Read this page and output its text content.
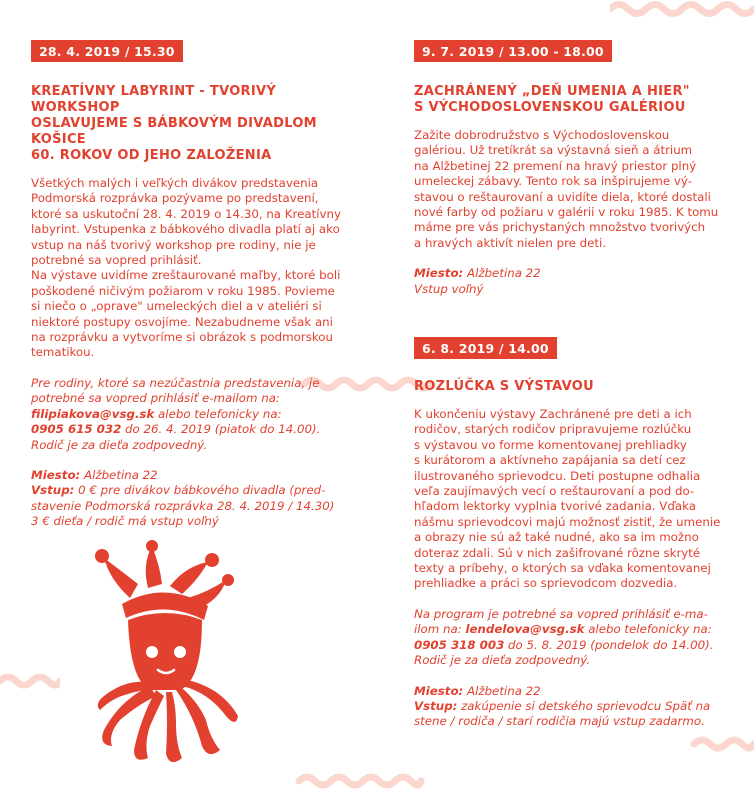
28. 4. 2019 / 15.30
KREATÍVNY LABYRINT - TVORIVÝ WORKSHOP
OSLAVUJEME S BÁBKOVÝM DIVADLOM KOŠICE
60. ROKOV OD JEHO ZALOŽENIA
Všetkých malých i veľkých divákov predstavenia
Podmorská rozprávka pozývame po predstavení,
ktoré sa uskutoční 28. 4. 2019 o 14.30, na Kreatívny
labyrint. Vstupenka z bábkového divadla platí aj ako
vstup na náš tvorivý workshop pre rodiny, nie je
potrebné sa vopred prihlásiť.
Na výstave uvidíme zreštaurované maľby, ktoré boli
poškodené ničivým požiarom v roku 1985. Povieme
si niečo o „oprave" umeleckých diel a v ateliéri si
niektoré postupy osvojíme. Nezabudneme však ani
na rozprávku a vytvoríme si obrázok s podmorskou
tematikou.
Pre rodiny, ktoré sa nezúčastnia predstavenia, je
potrebné sa vopred prihlásiť e-mailom na:
filipiakova@vsg.sk alebo telefonicky na:
0905 615 032 do 26. 4. 2019 (piatok do 14.00).
Rodič je za dieťa zodpovedný.
Miesto: Alžbetina 22
Vstup: 0 € pre divákov bábkového divadla (pred-
stavenie Podmorská rozprávka 28. 4. 2019 / 14.30)
3 € dieťa / rodič má vstup voľný
9. 7. 2019 / 13.00 - 18.00
ZACHRÁNENÝ „DEŇ UMENIA A HIER"
S VÝCHODOSLOVENSKOU GALÉRIOU
Zažite dobrodružstvo s Východoslovenskou
galériou. Už tretíkrát sa výstavná sieň a átrium
na Alžbetinej 22 premení na hravý priestor plný
umeleckej zábavy. Tento rok sa inšpirujeme vý-
stavou o reštaurovaní a uvidíte diela, ktoré dostali
nové farby od požiaru v galérii v roku 1985. K tomu
máme pre vás prichystaných množstvo tvorivých
a hravých aktivít nielen pre deti.
Miesto: Alžbetina 22
Vstup voľný
6. 8. 2019 / 14.00
ROZLÚČKA S VÝSTAVOU
K ukončeniu výstavy Zachránené pre deti a ich
rodičov, starých rodičov pripravujeme rozlúčku
s výstavou vo forme komentovanej prehliadky
s kurátorom a aktívneho zapájania sa detí cez
ilustrovaného sprievodcu. Deti postupne odhalia
veľa zaujímavých vecí o reštaurovaní a pod do-
hľadom lektorky vyplnia tvorivé zadania. Vďaka
nášmu sprievodcovi majú možnosť zistiť, že umenie
a obrazy nie sú až také nudné, ako sa im možno
doteraz zdali. Sú v nich zašifrované rôzne skryté
texty a príbehy, o ktorých sa vďaka komentovanej
prehliadke a práci so sprievodcom dozvedia.
Na program je potrebné sa vopred prihlásiť e-ma-
ilom na: lendelova@vsg.sk alebo telefonicky na:
0905 318 003 do 5. 8. 2019 (pondelok do 14.00).
Rodič je za dieťa zodpovedný.
Miesto: Alžbetina 22
Vstup: zakúpenie si detského sprievodcu Späť na
stene / rodiča / starí rodičia majú vstup zadarmo.
